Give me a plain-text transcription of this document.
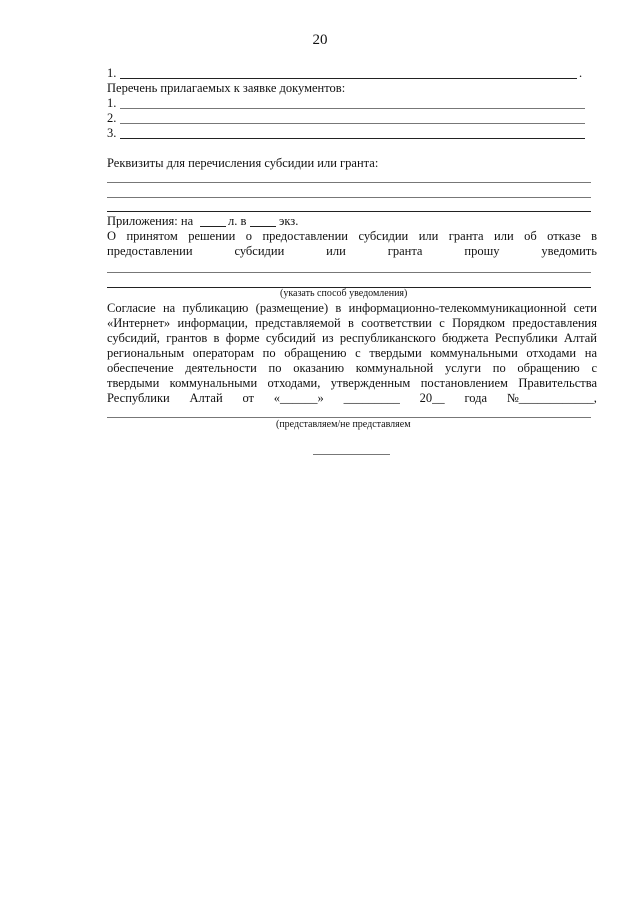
20
1.	.
Перечень прилагаемых к заявке документов:
1.
2.
3.
Реквизиты для перечисления субсидии или гранта:
Приложения: на	л. в	экз.
О принятом решении о предоставлении субсидии или гранта или об отказе в
предоставлении	субсидии	или	гранта	прошу	уведомить
(указать способ уведомления)
Согласие на публикацию (размещение) в информационно-телекоммуникационной сети
«Интернет» информации, представляемой в соответствии с Порядком предоставления
субсидий, грантов в форме субсидий из республиканского бюджета Республики Алтай
региональным операторам по обращению с твердыми коммунальными отходами на
обеспечение деятельности по оказанию коммунальной услуги по обращению с
твердыми коммунальными отходами, утвержденным постановлением Правительства
Республики Алтай от «______» _________ 20__ года №____________,
(представляем/не представляем
